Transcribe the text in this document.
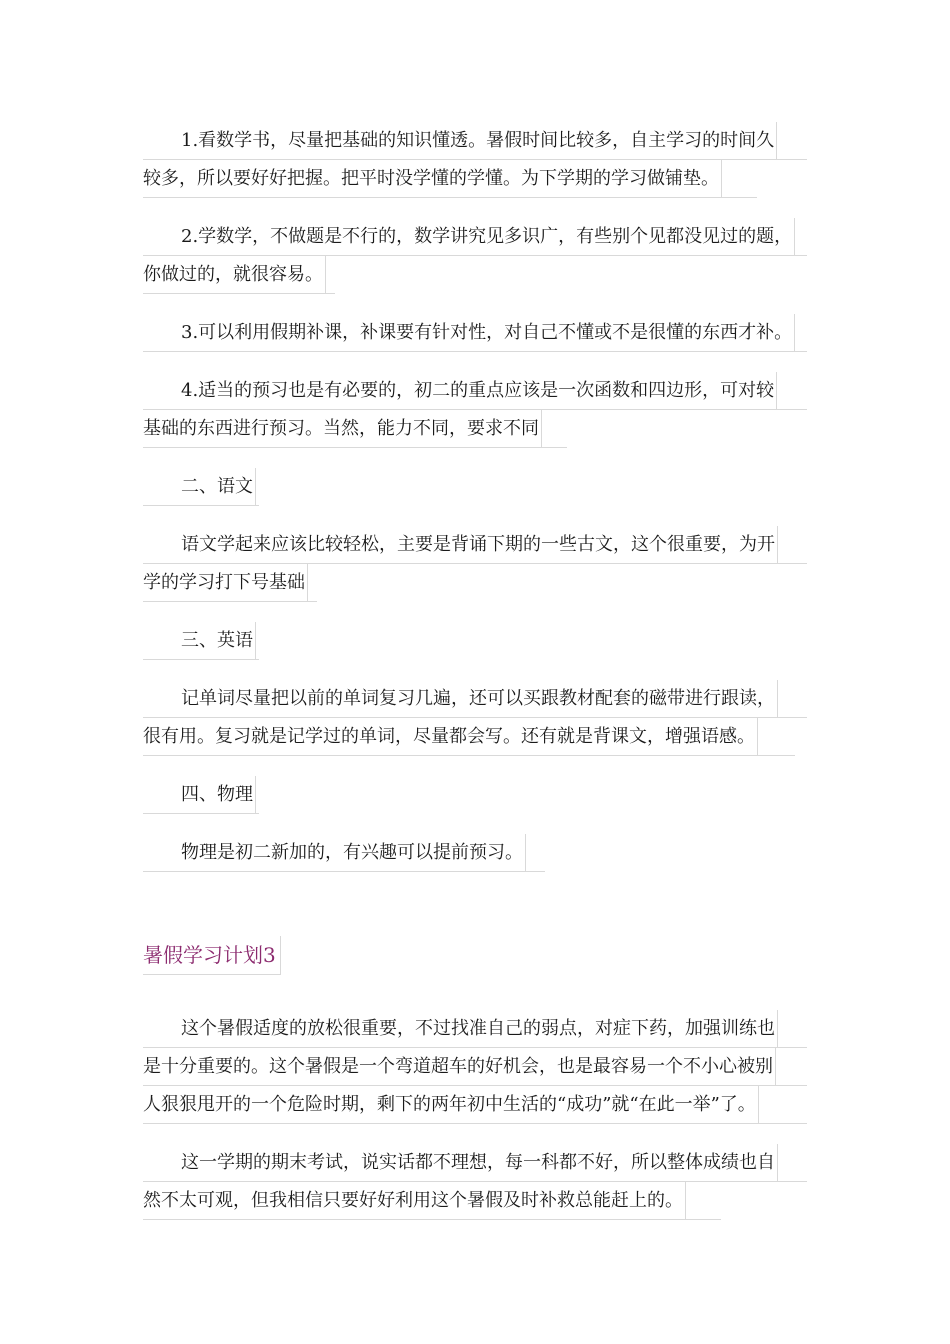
1.看数学书，尽量把基础的知识懂透。暑假时间比较多，自主学习的时间久
较多，所以要好好把握。把平时没学懂的学懂。为下学期的学习做铺垫。
2.学数学，不做题是不行的，数学讲究见多识广，有些别个见都没见过的题，
你做过的，就很容易。
3.可以利用假期补课，补课要有针对性，对自己不懂或不是很懂的东西才补。
4.适当的预习也是有必要的，初二的重点应该是一次函数和四边形，可对较
基础的东西进行预习。当然，能力不同，要求不同
二、语文
语文学起来应该比较轻松，主要是背诵下期的一些古文，这个很重要，为开
学的学习打下号基础
三、英语
记单词尽量把以前的单词复习几遍，还可以买跟教材配套的磁带进行跟读，
很有用。复习就是记学过的单词，尽量都会写。还有就是背课文，增强语感。
四、物理
物理是初二新加的，有兴趣可以提前预习。
暑假学习计划3
这个暑假适度的放松很重要，不过找准自己的弱点，对症下药，加强训练也
是十分重要的。这个暑假是一个弯道超车的好机会，也是最容易一个不小心被别
人狠狠甩开的一个危险时期，剩下的两年初中生活的“成功”就“在此一举”了。
这一学期的期末考试，说实话都不理想，每一科都不好，所以整体成绩也自
然不太可观，但我相信只要好好利用这个暑假及时补救总能赶上的。
